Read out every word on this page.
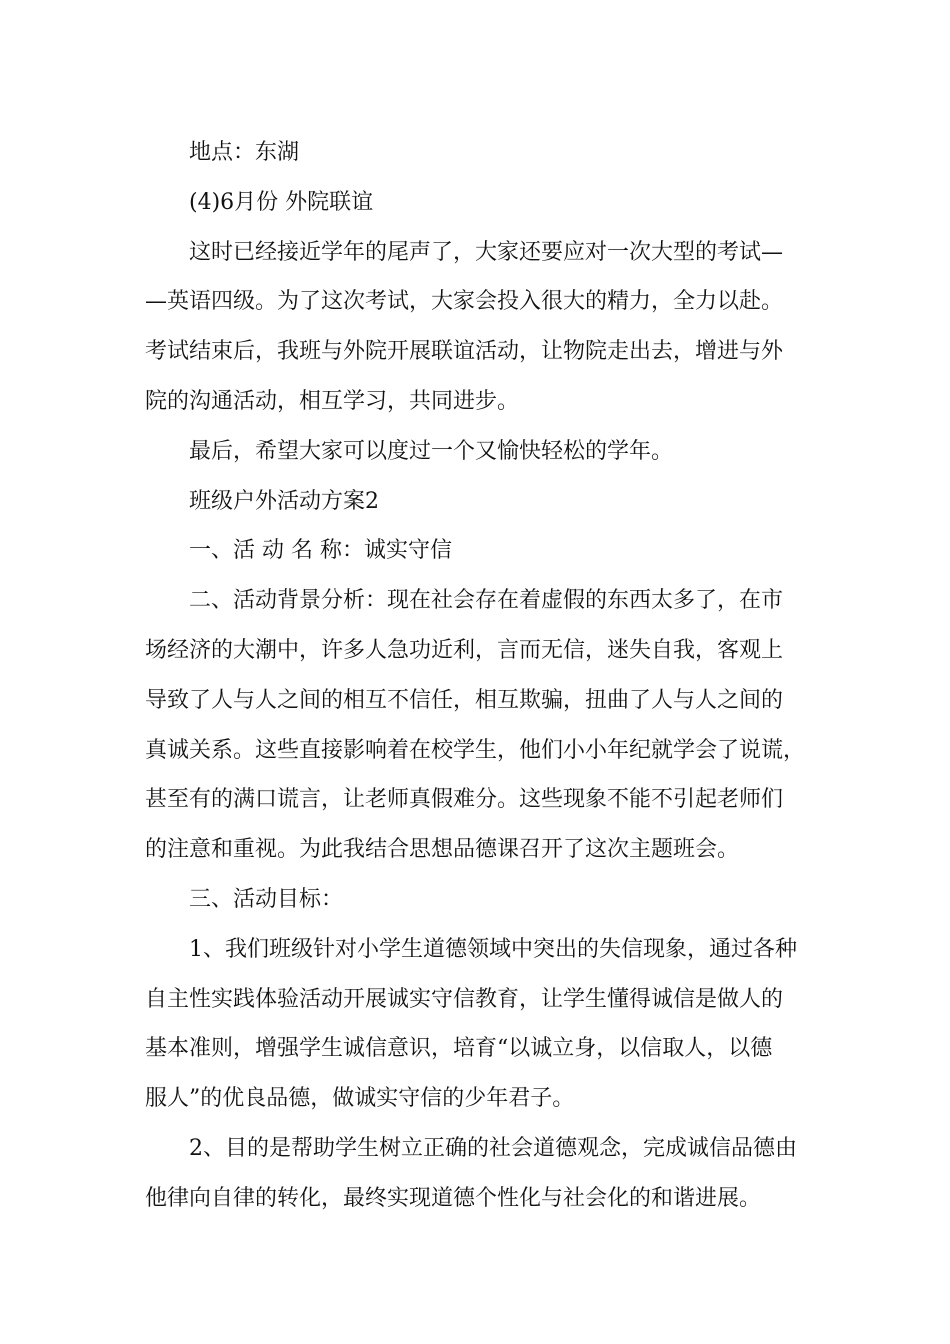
地点：东湖
(4)6月份 外院联谊
这时已经接近学年的尾声了，大家还要应对一次大型的考试—
—英语四级。为了这次考试，大家会投入很大的精力，全力以赴。
考试结束后，我班与外院开展联谊活动，让物院走出去，增进与外
院的沟通活动，相互学习，共同进步。
最后，希望大家可以度过一个又愉快轻松的学年。
班级户外活动方案2
一、活 动 名 称：诚实守信
二、活动背景分析：现在社会存在着虚假的东西太多了，在市
场经济的大潮中，许多人急功近利，言而无信，迷失自我，客观上
导致了人与人之间的相互不信任，相互欺骗，扭曲了人与人之间的
真诚关系。这些直接影响着在校学生，他们小小年纪就学会了说谎，
甚至有的满口谎言，让老师真假难分。这些现象不能不引起老师们
的注意和重视。为此我结合思想品德课召开了这次主题班会。
三、活动目标：
1、我们班级针对小学生道德领域中突出的失信现象，通过各种
自主性实践体验活动开展诚实守信教育，让学生懂得诚信是做人的
基本准则，增强学生诚信意识，培育“以诚立身，以信取人，以德
服人”的优良品德，做诚实守信的少年君子。
2、目的是帮助学生树立正确的社会道德观念，完成诚信品德由
他律向自律的转化，最终实现道德个性化与社会化的和谐进展。
